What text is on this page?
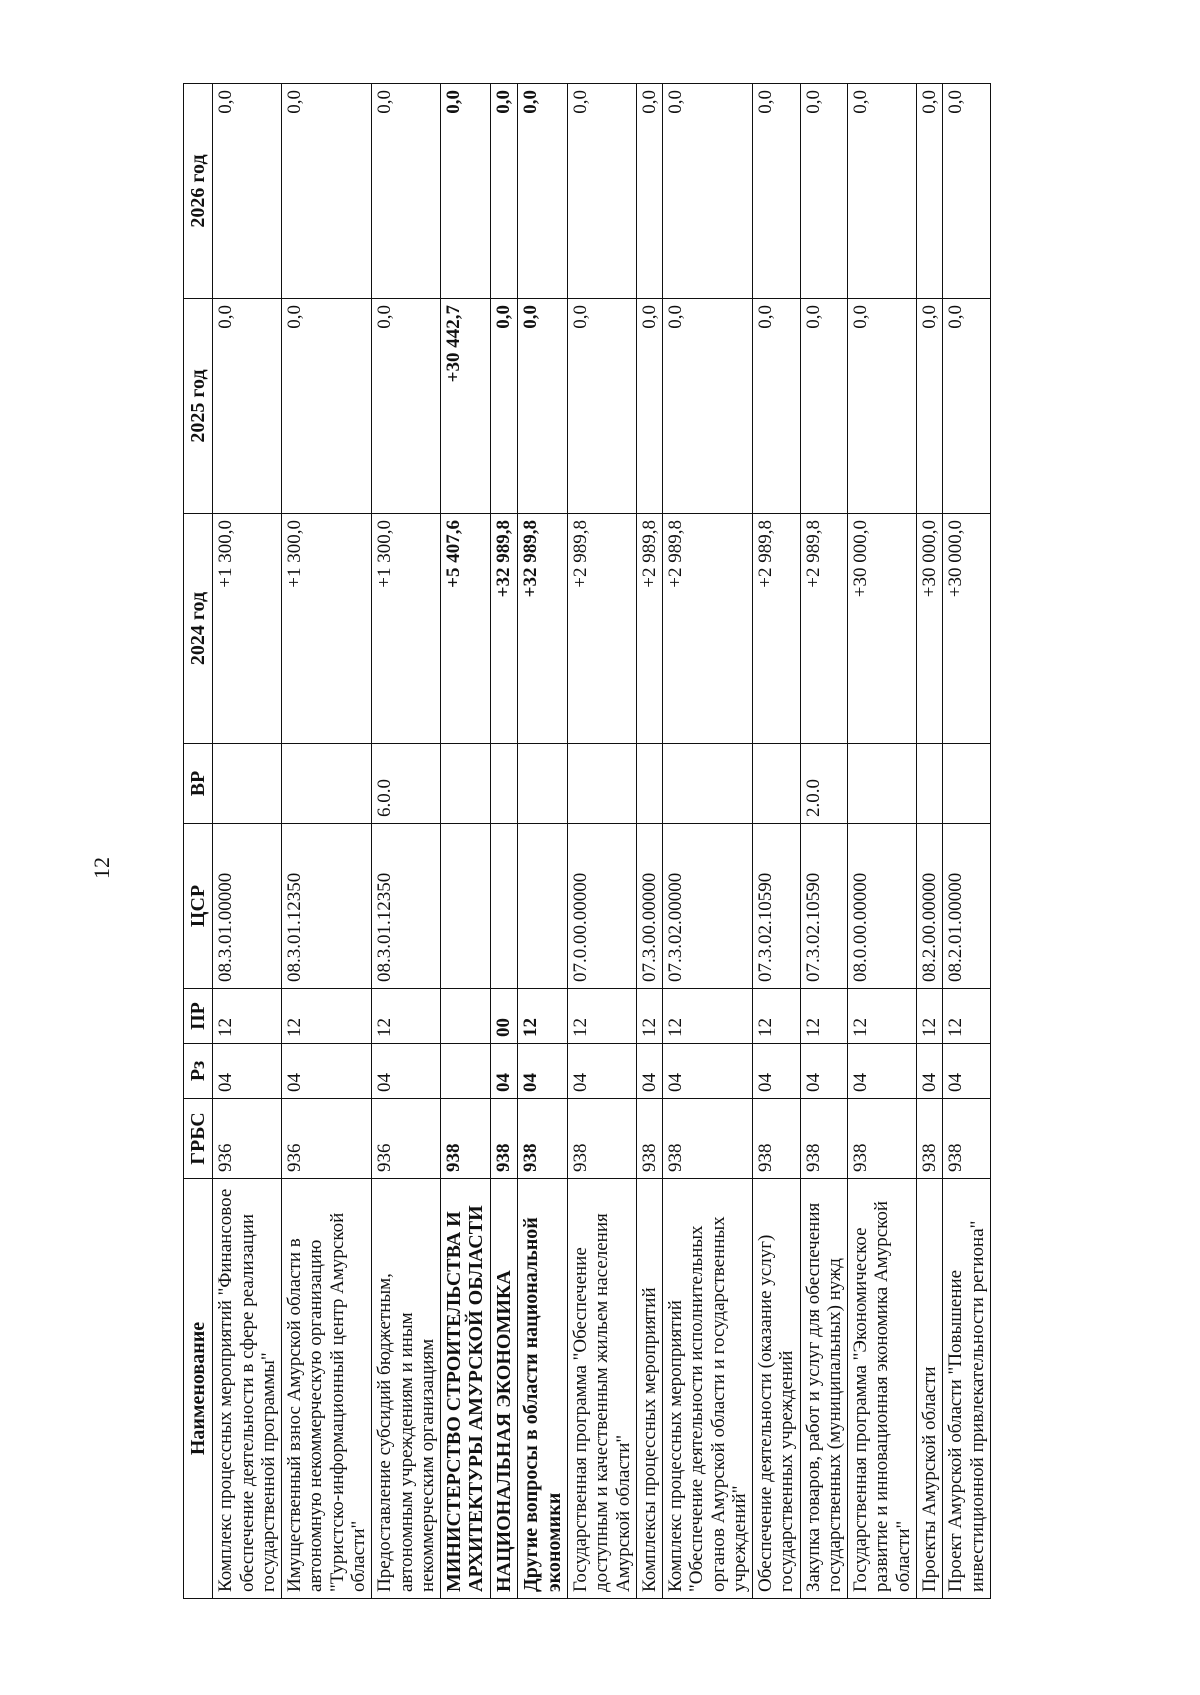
12
Наименование	ГРБС	Рз	ПР	ЦСР	ВР	2024 год	2025 год	2026 год
Комплекс процессных мероприятий "Финансовое обеспечение деятельности в сфере реализации государственной программы"	936	04	12	08.3.01.00000		+1 300,0	0,0	0,0
Имущественный взнос Амурской области в автономную некоммерческую организацию "Туристско-информационный центр Амурской области"	936	04	12	08.3.01.12350		+1 300,0	0,0	0,0
Предоставление субсидий бюджетным, автономным учреждениям и иным некоммерческим организациям	936	04	12	08.3.01.12350	6.0.0	+1 300,0	0,0	0,0
МИНИСТЕРСТВО СТРОИТЕЛЬСТВА И АРХИТЕКТУРЫ АМУРСКОЙ ОБЛАСТИ	938					+5 407,6	+30 442,7	0,0
НАЦИОНАЛЬНАЯ ЭКОНОМИКА	938	04	00			+32 989,8	0,0	0,0
Другие вопросы в области национальной экономики	938	04	12			+32 989,8	0,0	0,0
Государственная программа "Обеспечение доступным и качественным жильем населения Амурской области"	938	04	12	07.0.00.00000		+2 989,8	0,0	0,0
Комплексы процессных мероприятий	938	04	12	07.3.00.00000		+2 989,8	0,0	0,0
Комплекс процессных мероприятий "Обеспечение деятельности исполнительных органов Амурской области и государственных учреждений"	938	04	12	07.3.02.00000		+2 989,8	0,0	0,0
Обеспечение деятельности (оказание услуг) государственных учреждений	938	04	12	07.3.02.10590		+2 989,8	0,0	0,0
Закупка товаров, работ и услуг для обеспечения государственных (муниципальных) нужд	938	04	12	07.3.02.10590	2.0.0	+2 989,8	0,0	0,0
Государственная программа "Экономическое развитие и инновационная экономика Амурской области"	938	04	12	08.0.00.00000		+30 000,0	0,0	0,0
Проекты Амурской области	938	04	12	08.2.00.00000		+30 000,0	0,0	0,0
Проект Амурской области "Повышение инвестиционной привлекательности региона"	938	04	12	08.2.01.00000		+30 000,0	0,0	0,0
